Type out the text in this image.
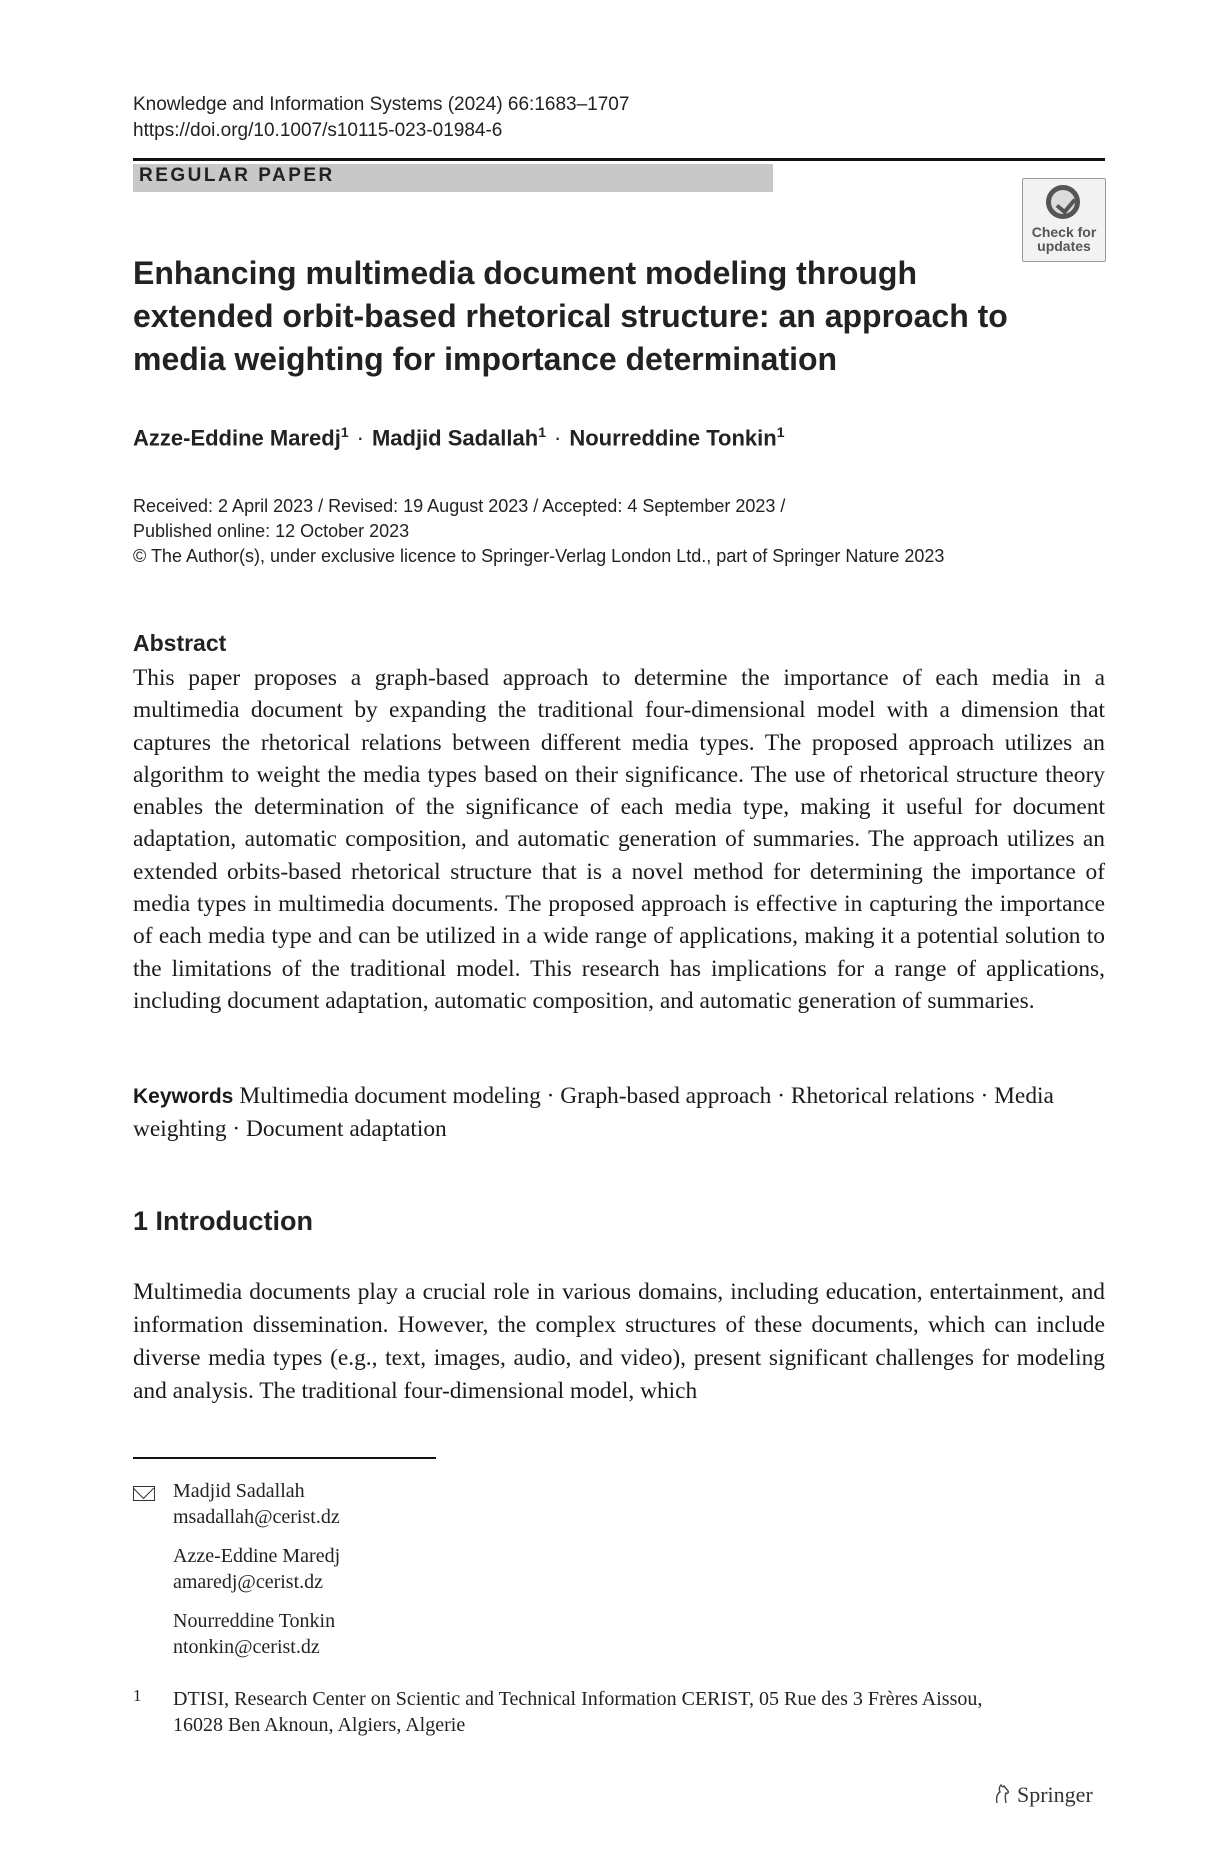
Knowledge and Information Systems (2024) 66:1683–1707
https://doi.org/10.1007/s10115-023-01984-6
REGULAR PAPER
Check for
updates
Enhancing multimedia document modeling through
extended orbit-based rhetorical structure: an approach to
media weighting for importance determination
Azze-Eddine Maredj$^1$ · Madjid Sadallah$^1$ · Nourreddine Tonkin$^1$
Received: 2 April 2023 / Revised: 19 August 2023 / Accepted: 4 September 2023 /
Published online: 12 October 2023
© The Author(s), under exclusive licence to Springer-Verlag London Ltd., part of Springer Nature 2023
Abstract
This paper proposes a graph-based approach to determine the importance of each media in a multimedia document by expanding the traditional four-dimensional model with a dimension that captures the rhetorical relations between different media types. The proposed approach utilizes an algorithm to weight the media types based on their significance. The use of rhetorical structure theory enables the determination of the significance of each media type, making it useful for document adaptation, automatic composition, and automatic generation of summaries. The approach utilizes an extended orbits-based rhetorical structure that is a novel method for determining the importance of media types in multimedia documents. The proposed approach is effective in capturing the importance of each media type and can be utilized in a wide range of applications, making it a potential solution to the limitations of the traditional model. This research has implications for a range of applications, including document adaptation, automatic composition, and automatic generation of summaries.
Keywords Multimedia document modeling · Graph-based approach · Rhetorical relations · Media weighting · Document adaptation
1 Introduction
Multimedia documents play a crucial role in various domains, including education, entertainment, and information dissemination. However, the complex structures of these documents, which can include diverse media types (e.g., text, images, audio, and video), present significant challenges for modeling and analysis. The traditional four-dimensional model, which
Madjid Sadallah
msadallah@cerist.dz
Azze-Eddine Maredj
amaredj@cerist.dz
Nourreddine Tonkin
ntonkin@cerist.dz
1 DTISI, Research Center on Scientic and Technical Information CERIST, 05 Rue des 3 Frères Aissou,
16028 Ben Aknoun, Algiers, Algerie
Springer
